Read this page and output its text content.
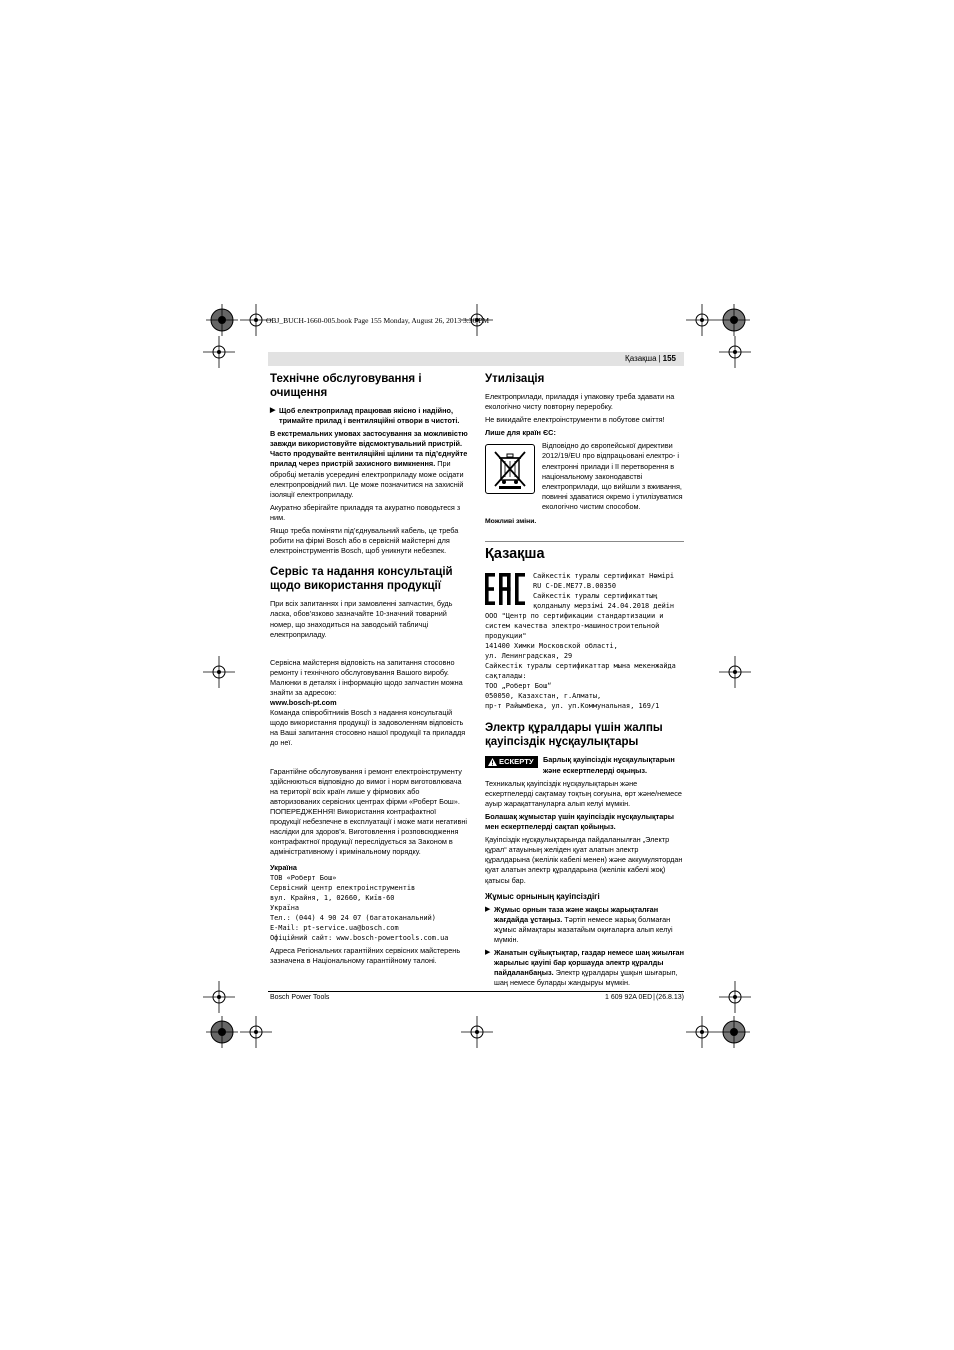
OBJ_BUCH-1660-005.book Page 155 Monday, August 26, 2013 3:30 PM
Қазақша | 155
Технічне обслуговування і очищення
▶ Щоб електроприлад працював якісно і надійно, тримайте прилад і вентиляційні отвори в чистоті.

В екстремальних умовах застосування за можливістю завжди використовуйте відсмоктувальний пристрій. Часто продувайте вентиляційні щілини та під’єднуйте прилад через пристрій захисного вимкнення. При обробці металів усередині електроприладу може осідати електропровідний пил. Це може позначитися на захисній ізоляції електроприладу.

Акуратно зберігайте приладдя та акуратно поводьтеся з ним.

Якщо треба поміняти під’єднувальний кабель, це треба робити на фірмі Bosch або в сервісній майстерні для електроінструментів Bosch, щоб уникнути небезпек.

Сервіс та надання консультацій щодо використання продукції

При всіх запитаннях і при замовленні запчастин, будь ласка, обов’язково зазначайте 10-значний товарний номер, що знаходиться на заводській табличці електроприладу.

Сервісна майстерня відповість на запитання стосовно ремонту і технічного обслуговування Вашого виробу. Малюнки в деталях і інформацію щодо запчастин можна знайти за адресою:
www.bosch-pt.com
Команда співробітників Bosch з надання консультацій щодо використання продукції із задоволенням відповість на Ваші запитання стосовно нашої продукції та приладдя до неї.

Гарантійне обслуговування і ремонт електроінструменту здійснюються відповідно до вимог і норм виготовлювача на території всіх країн лише у фірмових або авторизованих сервісних центрах фірми «Роберт Бош». ПОПЕРЕДЖЕННЯ! Використання контрафактної продукції небезпечне в експлуатації і може мати негативні наслідки для здоров’я. Виготовлення і розповсюдження контрафактної продукції переслідується за Законом в адміністративному і кримінальному порядку.

Україна
ТОВ «Роберт Бош»
Сервісний центр електроінструментів
вул. Крайня, 1, 02660, Київ-60
Україна
Тел.: (044) 4 90 24 07 (багатоканальний)
E-Mail: pt-service.ua@bosch.com
Офіційний сайт: www.bosch-powertools.com.ua

Адреса Регіональних гарантійних сервісних майстерень зазначена в Національному гарантійному талоні.

Утилізація

Електроприлади, приладдя і упаковку треба здавати на екологічно чисту повторну переробку.

Не викидайте електроінструменти в побутове сміття!

Лише для країн ЄС:

Відповідно до європейської директиви 2012/19/EU про відпрацьовані електро- і електронні прилади і її перетворення в національному законодавстві електроприлади, що вийшли з вживання, повинні здаватися окремо і утилізуватися екологічно чистим способом.

Можливі зміни.

Қазақша
Сайкестік туралы сертификат Нөмірі
RU C-DE.ME77.B.00350
Сайкестік туралы сертификаттың
қолданылу мерзімі 24.04.2018 дейін
ООО "Центр по сертификации стандартизации и систем качества электро-машиностроительной продукции"
141400 Химки Московской області,
ул. Ленинградская, 29
Сайкестік туралы сертификаттар мына мекенжайда сақталады:
ТОО „Роберт Бош“
050050, Казахстан, г.Алматы,
пр-т Райымбека, ул. уп.Коммунальная, 169/1
Электр құралдары үшін жалпы қауіпсіздік нұсқаулықтары
ЕСКЕРТУ	Барлық қауіпсіздік нұсқаулықтарын және ескертпелерді оқыңыз.

Техникалық қауіпсіздік нұсқаулықтарын және ескертпелерді сақтамау тоқтың соғуына, өрт және/немесе ауыр жарақаттануларға алып келуі мүмкін.

Болашақ жұмыстар үшін қауіпсіздік нұсқаулықтары мен ескертпелерді сақтап қойыңыз.

Қауіпсіздік нұсқаулықтарында пайдаланылған „Электр құрал“ атауының желіден қуат алатын электр құралдарына (желілік кабелі менен) және аккумулятордан қуат алатын электр құралдарына (желілік кабелі жоқ) қатысы бар.

Жұмыс орнының қауіпсіздігі
▶ Жұмыс орнын таза және жақсы жарықталған жағдайда ұстаңыз. Тәртіп немесе жарық болмаған жұмыс аймақтары жазатайым оқиғаларға алып келуі мүмкін.
▶ Жанатын сұйықтықтар, газдар немесе шаң жиылған жарылыс қауіпі бар қоршауда электр құралды пайдаланбаңыз. Электр құралдары ұшқын шығарып, шаң немесе буларды жандыруы мүмкін.
Bosch Power Tools	1 609 92A 0ED|(26.8.13)
